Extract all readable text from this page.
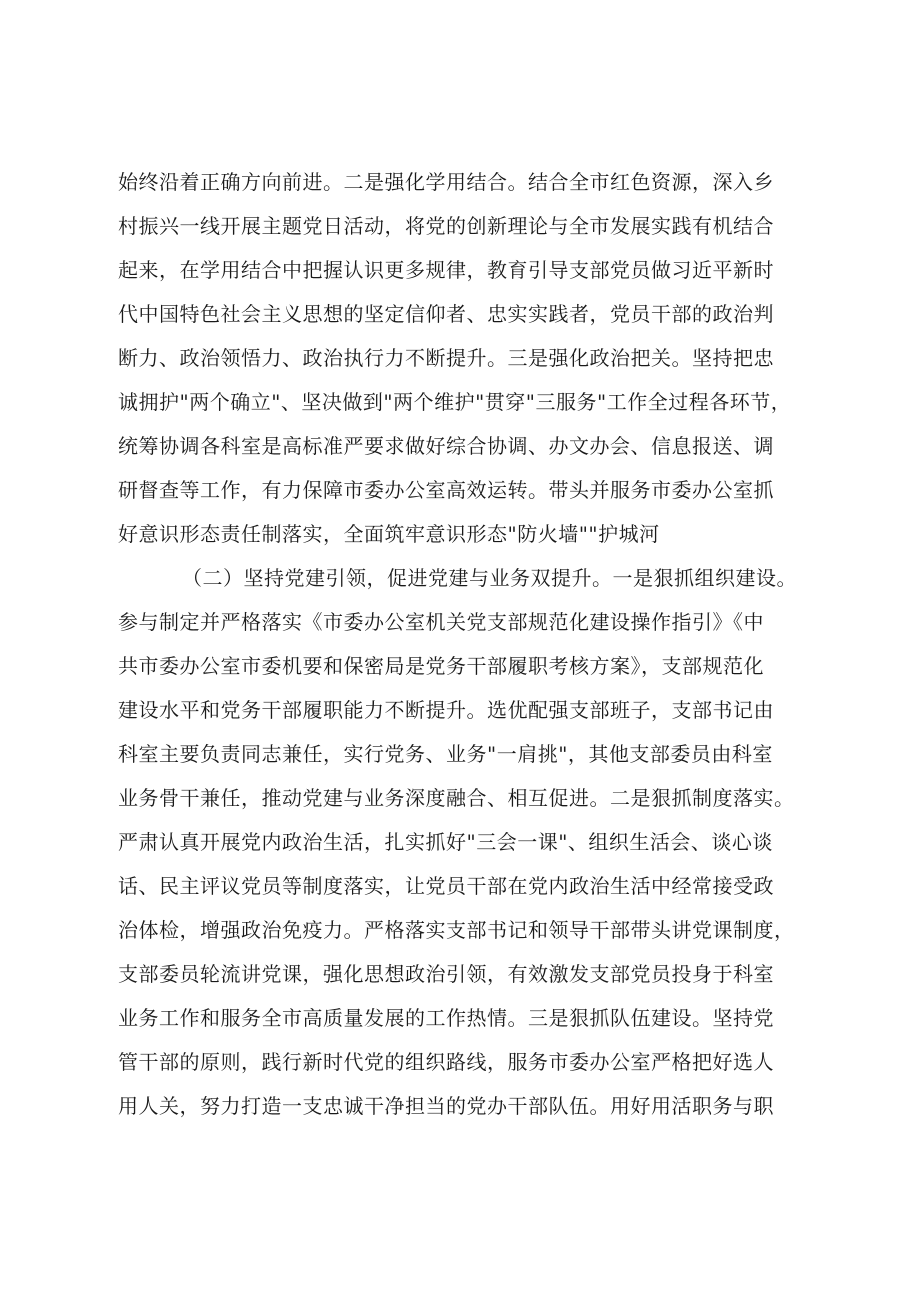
始终沿着正确方向前进。二是强化学用结合。结合全市红色资源，深入乡
村振兴一线开展主题党日活动，将党的创新理论与全市发展实践有机结合
起来，在学用结合中把握认识更多规律，教育引导支部党员做习近平新时
代中国特色社会主义思想的坚定信仰者、忠实实践者，党员干部的政治判
断力、政治领悟力、政治执行力不断提升。三是强化政治把关。坚持把忠
诚拥护"两个确立"、坚决做到"两个维护"贯穿"三服务"工作全过程各环节，
统筹协调各科室是高标准严要求做好综合协调、办文办会、信息报送、调
研督查等工作，有力保障市委办公室高效运转。带头并服务市委办公室抓
好意识形态责任制落实，全面筑牢意识形态"防火墙""护城河
（二）坚持党建引领，促进党建与业务双提升。一是狠抓组织建设。
参与制定并严格落实《市委办公室机关党支部规范化建设操作指引》《中
共市委办公室市委机要和保密局是党务干部履职考核方案》，支部规范化
建设水平和党务干部履职能力不断提升。选优配强支部班子，支部书记由
科室主要负责同志兼任，实行党务、业务"一肩挑"，其他支部委员由科室
业务骨干兼任，推动党建与业务深度融合、相互促进。二是狠抓制度落实。
严肃认真开展党内政治生活，扎实抓好"三会一课"、组织生活会、谈心谈
话、民主评议党员等制度落实，让党员干部在党内政治生活中经常接受政
治体检，增强政治免疫力。严格落实支部书记和领导干部带头讲党课制度，
支部委员轮流讲党课，强化思想政治引领，有效激发支部党员投身于科室
业务工作和服务全市高质量发展的工作热情。三是狠抓队伍建设。坚持党
管干部的原则，践行新时代党的组织路线，服务市委办公室严格把好选人
用人关，努力打造一支忠诚干净担当的党办干部队伍。用好用活职务与职
